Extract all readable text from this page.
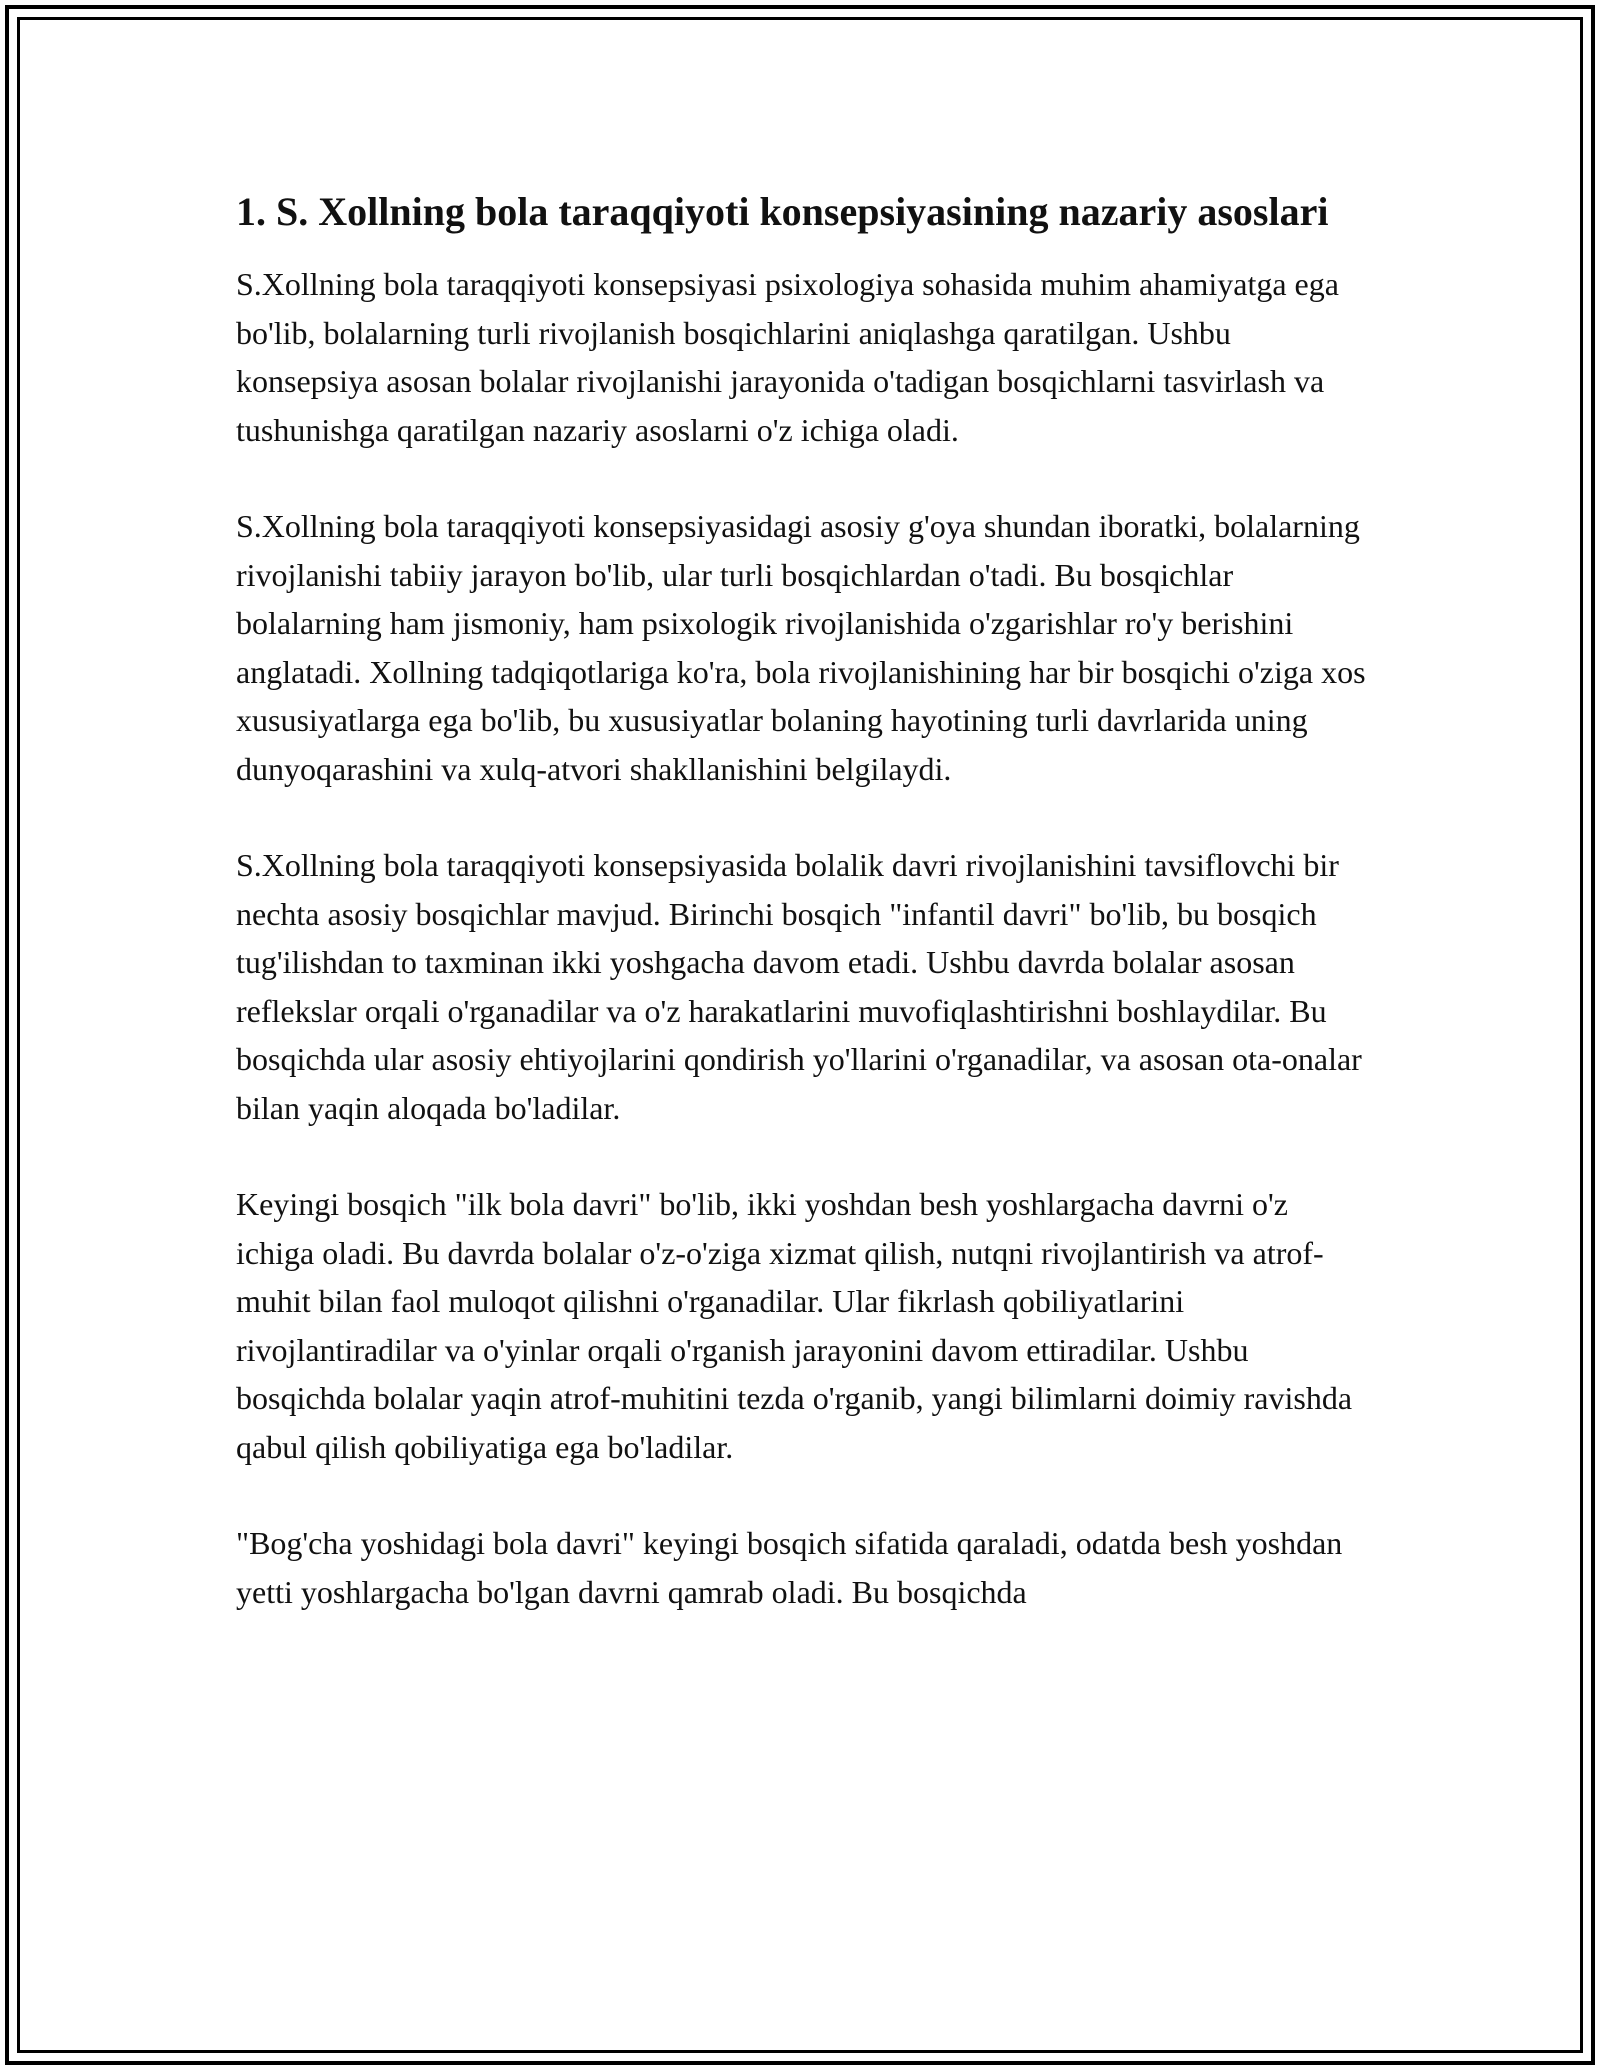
1. S. Xollning bola taraqqiyoti konsepsiyasining nazariy asoslari

S.Xollning bola taraqqiyoti konsepsiyasi psixologiya sohasida muhim ahamiyatga ega bo'lib, bolalarning turli rivojlanish bosqichlarini aniqlashga qaratilgan. Ushbu konsepsiya asosan bolalar rivojlanishi jarayonida o'tadigan bosqichlarni tasvirlash va tushunishga qaratilgan nazariy asoslarni o'z ichiga oladi.

S.Xollning bola taraqqiyoti konsepsiyasidagi asosiy g'oya shundan iboratki, bolalarning rivojlanishi tabiiy jarayon bo'lib, ular turli bosqichlardan o'tadi. Bu bosqichlar bolalarning ham jismoniy, ham psixologik rivojlanishida o'zgarishlar ro'y berishini anglatadi. Xollning tadqiqotlariga ko'ra, bola rivojlanishining har bir bosqichi o'ziga xos xususiyatlarga ega bo'lib, bu xususiyatlar bolaning hayotining turli davrlarida uning dunyoqarashini va xulq-atvori shakllanishini belgilaydi.

S.Xollning bola taraqqiyoti konsepsiyasida bolalik davri rivojlanishini tavsiflovchi bir nechta asosiy bosqichlar mavjud. Birinchi bosqich "infantil davri" bo'lib, bu bosqich tug'ilishdan to taxminan ikki yoshgacha davom etadi. Ushbu davrda bolalar asosan reflekslar orqali o'rganadilar va o'z harakatlarini muvofiqlashtirishni boshlaydilar. Bu bosqichda ular asosiy ehtiyojlarini qondirish yo'llarini o'rganadilar, va asosan ota-onalar bilan yaqin aloqada bo'ladilar.

Keyingi bosqich "ilk bola davri" bo'lib, ikki yoshdan besh yoshlargacha davrni o'z ichiga oladi. Bu davrda bolalar o'z-o'ziga xizmat qilish, nutqni rivojlantirish va atrof-muhit bilan faol muloqot qilishni o'rganadilar. Ular fikrlash qobiliyatlarini rivojlantiradilar va o'yinlar orqali o'rganish jarayonini davom ettiradilar. Ushbu bosqichda bolalar yaqin atrof-muhitini tezda o'rganib, yangi bilimlarni doimiy ravishda qabul qilish qobiliyatiga ega bo'ladilar.

"Bog'cha yoshidagi bola davri" keyingi bosqich sifatida qaraladi, odatda besh yoshdan yetti yoshlargacha bo'lgan davrni qamrab oladi. Bu bosqichda
